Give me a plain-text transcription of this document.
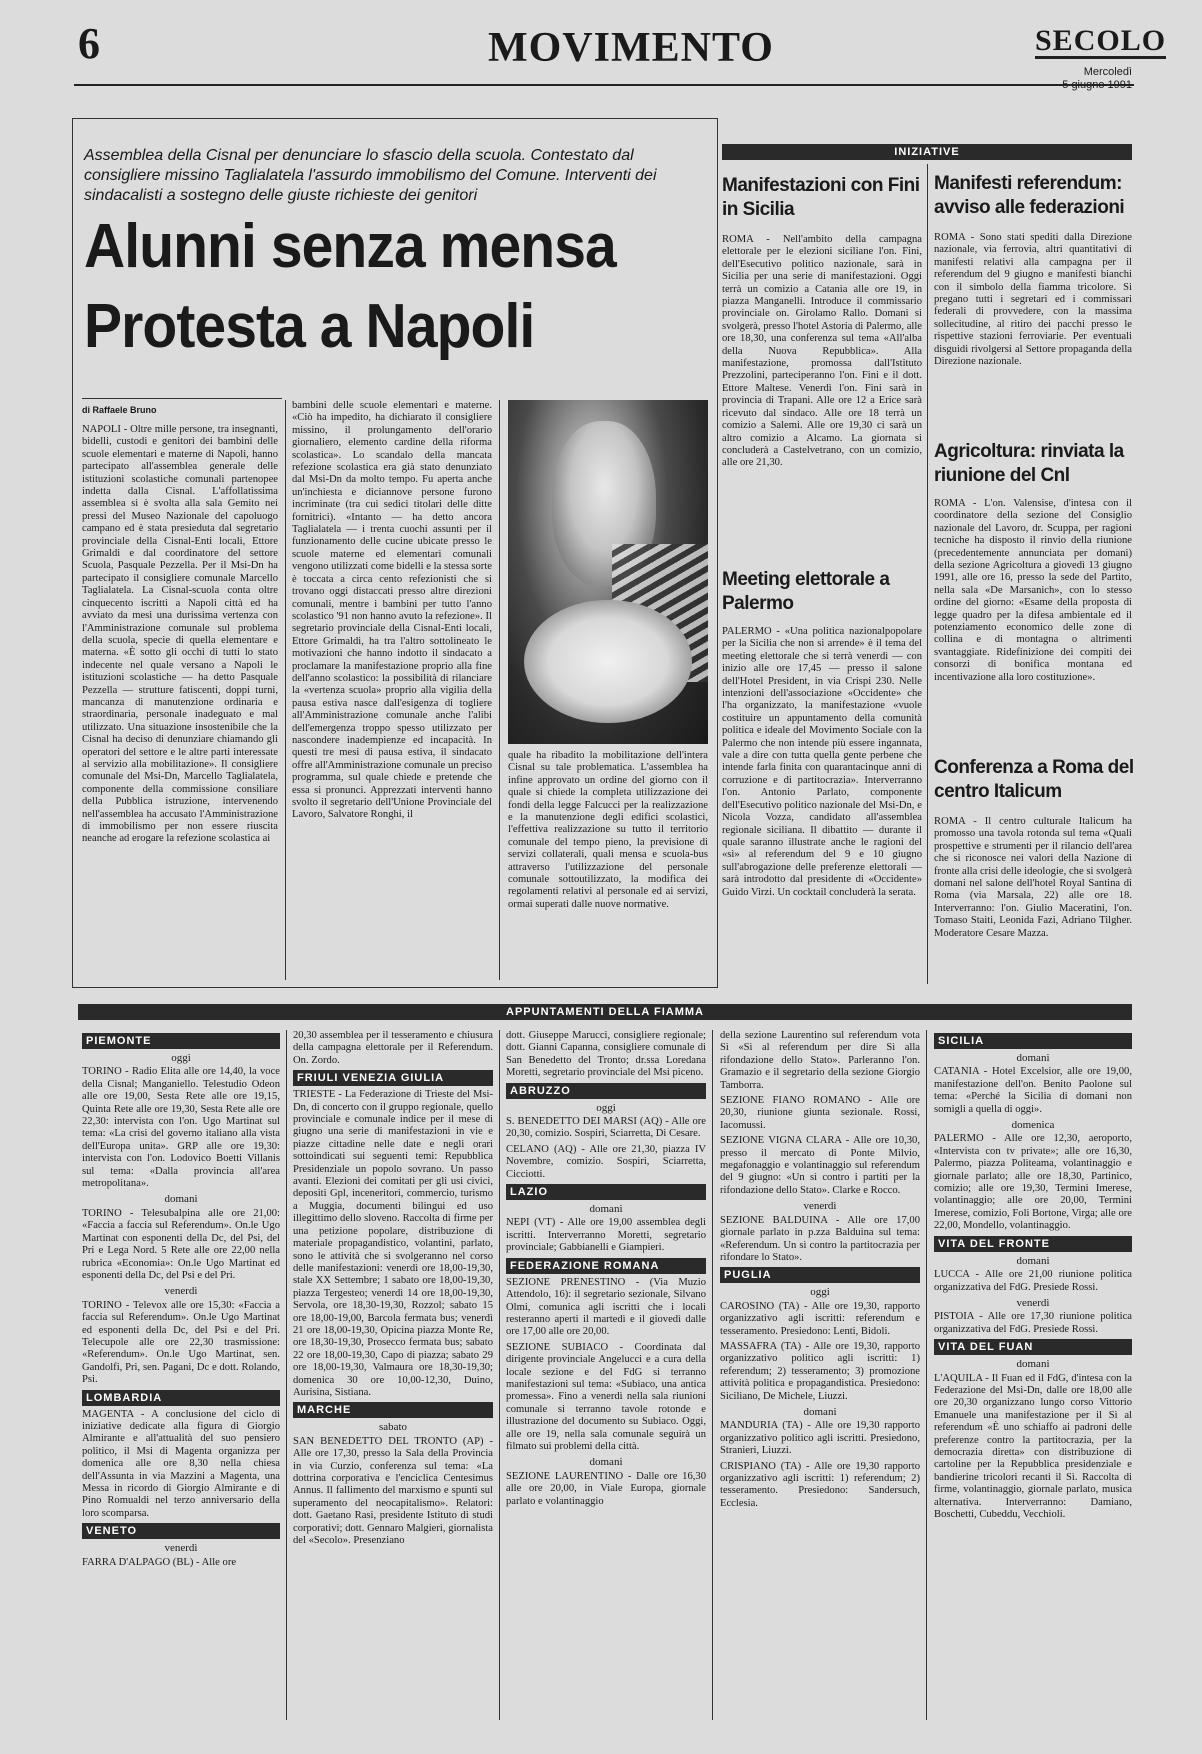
6	MOVIMENTO	SECOLO
Mercoledì
Assemblea della Cisnal per denunciare lo sfascio della scuola. Contestato dal consigliere missino Taglialatela l'assurdo immobilismo del Comune. Interventi dei sindacalisti a sostegno delle giuste richieste dei genitori
Alunni senza mensa
Protesta a Napoli
di Raffaele Bruno
NAPOLI - Oltre mille persone, tra insegnanti, bidelli, custodi e genitori dei bambini delle scuole elementari e materne di Napoli, hanno partecipato all'assemblea generale delle istituzioni scolastiche comunali partenopee indetta dalla Cisnal. L'affollatissima assemblea si è svolta alla sala Gemito nei pressi del Museo Nazionale del capoluogo campano ed è stata presieduta dal segretario provinciale della Cisnal-Enti locali, Ettore Grimaldi e dal coordinatore del settore Scuola, Pasquale Pezzella. Per il Msi-Dn ha partecipato il consigliere comunale Marcello Taglialatela. La Cisnal-scuola conta oltre cinquecento iscritti a Napoli città ed ha avviato da mesi una durissima vertenza con l'Amministrazione comunale sul problema della scuola, specie di quella elementare e materna. «È sotto gli occhi di tutti lo stato indecente nel quale versano a Napoli le istituzioni scolastiche — ha detto Pasquale Pezzella — strutture fatiscenti, doppi turni, mancanza di manutenzione ordinaria e straordinaria, personale inadeguato e mal utilizzato. Una situazione insostenibile che la Cisnal ha deciso di denunziare chiamando gli operatori del settore e le altre parti interessate al servizio alla mobilitazione». Il consigliere comunale del Msi-Dn, Marcello Taglialatela, componente della commissione consiliare della Pubblica istruzione, intervenendo nell'assemblea ha accusato l'Amministrazione di immobilismo per non essere riuscita neanche ad erogare la refezione scolastica ai
bambini delle scuole elementari e materne. «Ciò ha impedito, ha dichiarato il consigliere missino, il prolungamento dell'orario giornaliero, elemento cardine della riforma scolastica». Lo scandalo della mancata refezione scolastica era già stato denunziato dal Msi-Dn da molto tempo. Fu aperta anche un'inchiesta e diciannove persone furono incriminate (tra cui sedici titolari delle ditte fornitrici). «Intanto — ha detto ancora Taglialatela — i trenta cuochi assunti per il funzionamento delle cucine ubicate presso le scuole materne ed elementari comunali vengono utilizzati come bidelli e la stessa sorte è toccata a circa cento refezionisti che si trovano oggi distaccati presso altre direzioni comunali, mentre i bambini per tutto l'anno scolastico '91 non hanno avuto la refezione». Il segretario provinciale della Cisnal-Enti locali, Ettore Grimaldi, ha tra l'altro sottolineato le motivazioni che hanno indotto il sindacato a proclamare la manifestazione proprio alla fine dell'anno scolastico: la possibilità di rilanciare la «vertenza scuola» proprio alla vigilia della pausa estiva nasce dall'esigenza di togliere all'Amministrazione comunale anche l'alibi dell'emergenza troppo spesso utilizzato per nascondere inadempienze ed incapacità. In questi tre mesi di pausa estiva, il sindacato offre all'Amministrazione comunale un preciso programma, sul quale chiede e pretende che essa si pronunci. Apprezzati interventi hanno svolto il segretario dell'Unione Provinciale del Lavoro, Salvatore Ronghi, il
quale ha ribadito la mobilitazione dell'intera Cisnal su tale problematica. L'assemblea ha infine approvato un ordine del giorno con il quale si chiede la completa utilizzazione dei fondi della legge Falcucci per la realizzazione e la manutenzione degli edifici scolastici, l'effettiva realizzazione su tutto il territorio comunale del tempo pieno, la previsione di servizi collaterali, quali mensa e scuola-bus attraverso l'utilizzazione del personale comunale sottoutilizzato, la modifica dei regolamenti relativi al personale ed ai servizi, ormai superati dalle nuove normative.
INIZIATIVE
Manifestazioni con Fini in Sicilia
ROMA - Nell'ambito della campagna elettorale per le elezioni siciliane l'on. Fini, dell'Esecutivo politico nazionale, sarà in Sicilia per una serie di manifestazioni. Oggi terrà un comizio a Catania alle ore 19, in piazza Manganelli. Introduce il commissario provinciale on. Girolamo Rallo. Domani si svolgerà, presso l'hotel Astoria di Palermo, alle ore 18,30, una conferenza sul tema «All'alba della Nuova Repubblica». Alla manifestazione, promossa dall'Istituto Prezzolini, parteciperanno l'on. Fini e il dott. Ettore Maltese. Venerdì l'on. Fini sarà in provincia di Trapani. Alle ore 12 a Erice sarà ricevuto dal sindaco. Alle ore 18 terrà un comizio a Salemi. Alle ore 19,30 ci sarà un altro comizio a Alcamo. La giornata si concluderà a Castelvetrano, con un comizio, alle ore 21,30.
Meeting elettorale a Palermo
PALERMO - «Una politica nazionalpopolare per la Sicilia che non si arrende» è il tema del meeting elettorale che si terrà venerdì — con inizio alle ore 17,45 — presso il salone dell'Hotel President, in via Crispi 230. Nelle intenzioni dell'associazione «Occidente» che l'ha organizzato, la manifestazione «vuole costituire un appuntamento della comunità politica e ideale del Movimento Sociale con la Palermo che non intende più essere ingannata, vale a dire con tutta quella gente perbene che intende farla finita con quarantacinque anni di corruzione e di partitocrazia». Interverranno l'on. Antonio Parlato, componente dell'Esecutivo politico nazionale del Msi-Dn, e Nicola Vozza, candidato all'assemblea regionale siciliana. Il dibattito — durante il quale saranno illustrate anche le ragioni del «sì» al referendum del 9 e 10 giugno sull'abrogazione delle preferenze elettorali — sarà introdotto dal presidente di «Occidente» Guido Virzi. Un cocktail concluderà la serata.
Manifesti referendum: avviso alle federazioni
ROMA - Sono stati spediti dalla Direzione nazionale, via ferrovia, altri quantitativi di manifesti relativi alla campagna per il referendum del 9 giugno e manifesti bianchi con il simbolo della fiamma tricolore. Si pregano tutti i segretari ed i commissari federali di provvedere, con la massima sollecitudine, al ritiro dei pacchi presso le rispettive stazioni ferroviarie. Per eventuali disguidi rivolgersi al Settore propaganda della Direzione nazionale.
Agricoltura: rinviata la riunione del Cnl
ROMA - L'on. Valensise, d'intesa con il coordinatore della sezione del Consiglio nazionale del Lavoro, dr. Scuppa, per ragioni tecniche ha disposto il rinvio della riunione (precedentemente annunciata per domani) della sezione Agricoltura a giovedì 13 giugno 1991, alle ore 16, presso la sede del Partito, nella sala «De Marsanich», con lo stesso ordine del giorno: «Esame della proposta di legge quadro per la difesa ambientale ed il potenziamento economico delle zone di collina e di montagna o altrimenti svantaggiate. Ridefinizione dei compiti dei consorzi di bonifica montana ed incentivazione alla loro costituzione».
Conferenza a Roma del centro Italicum
ROMA - Il centro culturale Italicum ha promosso una tavola rotonda sul tema «Quali prospettive e strumenti per il rilancio dell'area che si riconosce nei valori della Nazione di fronte alla crisi delle ideologie, che si svolgerà domani nel salone dell'hotel Royal Santina di Roma (via Marsala, 22) alle ore 18. Interverranno: l'on. Giulio Maceratini, l'on. Tomaso Staiti, Leonida Fazi, Adriano Tilgher. Moderatore Cesare Mazza.
APPUNTAMENTI DELLA FIAMMA
PIEMONTE
oggi
TORINO - Radio Elita alle ore 14,40, la voce della Cisnal; Manganiello. Telestudio Odeon alle ore 19,00, Sesta Rete alle ore 19,15, Quinta Rete alle ore 19,30, Sesta Rete alle ore 22,30: intervista con l'on. Ugo Martinat sul tema: «La crisi del governo italiano alla vista dell'Europa unita». GRP alle ore 19,30: intervista con l'on. Lodovico Boetti Villanis sul tema: «Dalla provincia all'area metropolitana».
domani
TORINO - Telesubalpina alle ore 21,00: «Faccia a faccia sul Referendum». On.le Ugo Martinat con esponenti della Dc, del Psi, del Pri e Lega Nord. 5 Rete alle ore 22,00 nella rubrica «Economia»: On.le Ugo Martinat ed esponenti della Dc, del Psi e del Pri.
venerdì
TORINO - Televox alle ore 15,30: «Faccia a faccia sul Referendum». On.le Ugo Martinat ed esponenti della Dc, del Psi e del Pri. Telecupole alle ore 22,30 trasmissione: «Referendum». On.le Ugo Martinat, sen. Gandolfi, Pri, sen. Pagani, Dc e dott. Rolando, Psi.
LOMBARDIA
MAGENTA - A conclusione del ciclo di iniziative dedicate alla figura di Giorgio Almirante e all'attualità del suo pensiero politico, il Msi di Magenta organizza per domenica alle ore 8,30 nella chiesa dell'Assunta in via Mazzini a Magenta, una Messa in ricordo di Giorgio Almirante e di Pino Romualdi nel terzo anniversario della loro scomparsa.
VENETO
venerdì
FARRA D'ALPAGO (BL) - Alle ore
20,30 assemblea per il tesseramento e chiusura della campagna elettorale per il Referendum. On. Zordo.
FRIULI VENEZIA GIULIA
TRIESTE - La Federazione di Trieste del Msi-Dn, di concerto con il gruppo regionale, quello provinciale e comunale indice per il mese di giugno una serie di manifestazioni in vie e piazze cittadine nelle date e negli orari sottoindicati sui seguenti temi: Repubblica Presidenziale un popolo sovrano. Un passo avanti. Elezioni dei comitati per gli usi civici, depositi Gpl, inceneritori, commercio, turismo a Muggia, documenti bilingui ed uso illegittimo dello sloveno. Raccolta di firme per una petizione popolare, distribuzione di materiale propagandistico, volantini, parlato, sono le attività che si svolgeranno nel corso delle manifestazioni: venerdì ore 18,00-19,30, stale XX Settembre; 1 sabato ore 18,00-19,30, piazza Tergesteo; venerdì 14 ore 18,00-19,30, Servola, ore 18,30-19,30, Rozzol; sabato 15 ore 18,00-19,00, Barcola fermata bus; venerdì 21 ore 18,00-19,30, Opicina piazza Monte Re, ore 18,30-19,30, Prosecco fermata bus; sabato 22 ore 18,00-19,30, Capo di piazza; sabato 29 ore 18,00-19,30, Valmaura ore 18,30-19,30; domenica 30 ore 10,00-12,30, Duino, Aurisina, Sistiana.
MARCHE
sabato
SAN BENEDETTO DEL TRONTO (AP) - Alle ore 17,30, presso la Sala della Provincia in via Curzio, conferenza sul tema: «La dottrina corporativa e l'enciclica Centesimus Annus. Il fallimento del marxismo e spunti sul superamento del neocapitalismo». Relatori: dott. Gaetano Rasi, presidente Istituto di studi corporativi; dott. Gennaro Malgieri, giornalista del «Secolo». Presenziano
dott. Giuseppe Marucci, consigliere regionale; dott. Gianni Capanna, consigliere comunale di San Benedetto del Tronto; dr.ssa Loredana Moretti, segretario provinciale del Msi piceno.
ABRUZZO
oggi
S. BENEDETTO DEI MARSI (AQ) - Alle ore 20,30, comizio. Sospiri, Sciarretta, Di Cesare.
CELANO (AQ) - Alle ore 21,30, piazza IV Novembre, comizio. Sospiri, Sciarretta, Cicciotti.
LAZIO
domani
NEPI (VT) - Alle ore 19,00 assemblea degli iscritti. Interverranno Moretti, segretario provinciale; Gabbianelli e Giampieri.
FEDERAZIONE ROMANA
SEZIONE PRENESTINO - (Via Muzio Attendolo, 16): il segretario sezionale, Silvano Olmi, comunica agli iscritti che i locali resteranno aperti il martedì e il giovedì dalle ore 17,00 alle ore 20,00.
SEZIONE SUBIACO - Coordinata dal dirigente provinciale Angelucci e a cura della locale sezione e del FdG si terranno manifestazioni sul tema: «Subiaco, una antica promessa». Fino a venerdì nella sala riunioni comunale si terranno tavole rotonde e illustrazione del documento su Subiaco. Oggi, alle ore 19, nella sala comunale seguirà un filmato sui problemi della città.
domani
SEZIONE LAURENTINO - Dalle ore 16,30 alle ore 20,00, in Viale Europa, giornale parlato e volantinaggio
della sezione Laurentino sul referendum vota Sì «Sì al referendum per dire Sì alla rifondazione dello Stato». Parleranno l'on. Gramazio e il segretario della sezione Giorgio Tamborra.
SEZIONE FIANO ROMANO - Alle ore 20,30, riunione giunta sezionale. Rossi, Iacomussi.
SEZIONE VIGNA CLARA - Alle ore 10,30, presso il mercato di Ponte Milvio, megafonaggio e volantinaggio sul referendum del 9 giugno: «Un sì contro i partiti per la rifondazione dello Stato». Clarke e Rocco.
venerdì
SEZIONE BALDUINA - Alle ore 17,00 giornale parlato in p.zza Balduina sul tema: «Referendum. Un sì contro la partitocrazia per rifondare lo Stato».
PUGLIA
oggi
CAROSINO (TA) - Alle ore 19,30, rapporto organizzativo agli iscritti: referendum e tesseramento. Presiedono: Lenti, Bidoli.
MASSAFRA (TA) - Alle ore 19,30, rapporto organizzativo politico agli iscritti: 1) referendum; 2) tesseramento; 3) promozione attività politica e propagandistica. Presiedono: Siciliano, De Michele, Liuzzi.
domani
MANDURIA (TA) - Alle ore 19,30 rapporto organizzativo politico agli iscritti. Presiedono, Stranieri, Liuzzi.
CRISPIANO (TA) - Alle ore 19,30 rapporto organizzativo agli iscritti: 1) referendum; 2) tesseramento. Presiedono: Sandersuch, Ecclesia.
SICILIA
domani
CATANIA - Hotel Excelsior, alle ore 19,00, manifestazione dell'on. Benito Paolone sul tema: «Perché la Sicilia di domani non somigli a quella di oggi».
domenica
PALERMO - Alle ore 12,30, aeroporto, «Intervista con tv private»; alle ore 16,30, Palermo, piazza Politeama, volantinaggio e giornale parlato; alle ore 18,30, Partinico, comizio; alle ore 19,30, Termini Imerese, volantinaggio; alle ore 20,00, Termini Imerese, comizio, Foli Bortone, Virga; alle ore 22,00, Mondello, volantinaggio.
VITA DEL FRONTE
domani
LUCCA - Alle ore 21,00 riunione politica organizzativa del FdG. Presiede Rossi.
venerdì
PISTOIA - Alle ore 17,30 riunione politica organizzativa del FdG. Presiede Rossi.
VITA DEL FUAN
domani
L'AQUILA - Il Fuan ed il FdG, d'intesa con la Federazione del Msi-Dn, dalle ore 18,00 alle ore 20,30 organizzano lungo corso Vittorio Emanuele una manifestazione per il Sì al referendum «È uno schiaffo ai padroni delle preferenze contro la partitocrazia, per la democrazia diretta» con distribuzione di cartoline per la Repubblica presidenziale e bandierine tricolori recanti il Sì. Raccolta di firme, volantinaggio, giornale parlato, musica alternativa. Interverranno: Damiano, Boschetti, Cubeddu, Vecchioli.
